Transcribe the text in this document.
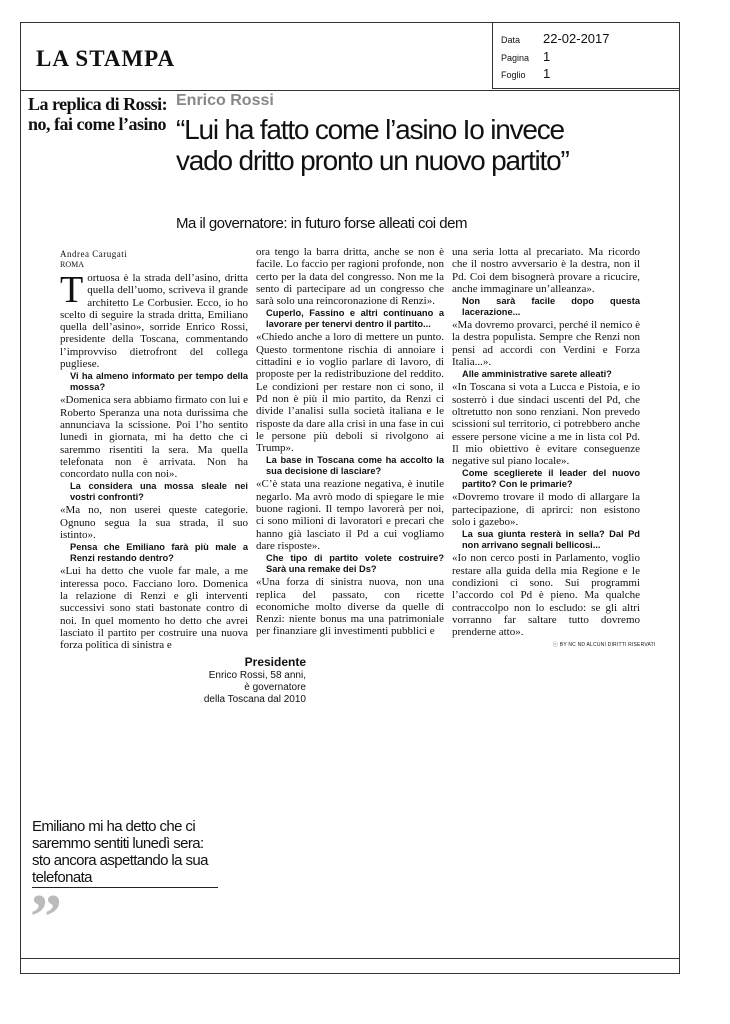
LA STAMPA
Data 22-02-2017
Pagina 1
Foglio 1
La replica di Rossi: no, fai come l’asino
Enrico Rossi
“Lui ha fatto come l’asino Io invece vado dritto pronto un nuovo partito”
Ma il governatore: in futuro forse alleati coi dem
Andrea Carugati
ROMA

Tortuosa è la strada dell’asino, dritta quella dell’uomo, scriveva il grande architetto Le Corbusier. Ecco, io ho scelto di seguire la strada dritta, Emiliano quella dell’asino», sorride Enrico Rossi, presidente della Toscana, commentando l’improvviso dietrofront del collega pugliese.

Vi ha almeno informato per tempo della mossa?

«Domenica sera abbiamo firmato con lui e Roberto Speranza una nota durissima che annunciava la scissione. Poi l’ho sentito lunedì in giornata, mi ha detto che ci saremmo risentiti la sera. Ma quella telefonata non è arrivata. Non ha concordato nulla con noi».

La considera una mossa sleale nei vostri confronti?

«Ma no, non userei queste categorie. Ognuno segua la sua strada, il suo istinto».

Pensa che Emiliano farà più male a Renzi restando dentro?

«Lui ha detto che vuole far male, a me interessa poco. Facciano loro. Domenica la relazione di Renzi e gli interventi successivi sono stati bastonate contro di noi. In quel momento ho detto che avrei lasciato il partito per costruire una nuova forza politica di sinistra e

ora tengo la barra dritta, anche se non è facile. Lo faccio per ragioni profonde, non certo per la data del congresso. Non me la sento di partecipare ad un congresso che sarà solo una reincoronazione di Renzi».

Cuperlo, Fassino e altri continuano a lavorare per tenervi dentro il partito...

«Chiedo anche a loro di mettere un punto. Questo tormentone rischia di annoiare i cittadini e io voglio parlare di lavoro, di proposte per la redistribuzione del reddito. Le condizioni per restare non ci sono, il Pd non è più il mio partito, da Renzi ci divide l’analisi sulla società italiana e le risposte da dare alla crisi in una fase in cui le persone più deboli si rivolgono ai Trump».

La base in Toscana come ha accolto la sua decisione di lasciare?

«C’è stata una reazione negativa, è inutile negarlo. Ma avrò modo di spiegare le mie buone ragioni. Il tempo lavorerà per noi, ci sono milioni di lavoratori e precari che hanno già lasciato il Pd a cui vogliamo dare risposte».

Che tipo di partito volete costruire? Sarà una remake dei Ds?

«Una forza di sinistra nuova, non una replica del passato, con ricette economiche molto diverse da quelle di Renzi: niente bonus ma una patrimoniale per finanziare gli investimenti pubblici e

una seria lotta al precariato. Ma ricordo che il nostro avversario è la destra, non il Pd. Coi dem bisognerà provare a ricucire, anche immaginare un’alleanza».

Non sarà facile dopo questa lacerazione...

«Ma dovremo provarci, perché il nemico è la destra populista. Sempre che Renzi non pensi ad accordi con Verdini e Forza Italia...».

Alle amministrative sarete alleati?

«In Toscana si vota a Lucca e Pistoia, e io sosterrò i due sindaci uscenti del Pd, che oltretutto non sono renziani. Non prevedo scissioni sul territorio, ci potrebbero anche essere persone vicine a me in lista col Pd. Il mio obiettivo è evitare conseguenze negative sul piano locale».

Come sceglierete il leader del nuovo partito? Con le primarie?

«Dovremo trovare il modo di allargare la partecipazione, di aprirci: non esistono solo i gazebo».

La sua giunta resterà in sella? Dal Pd non arrivano segnali bellicosi...

«Io non cerco posti in Parlamento, voglio restare alla guida della mia Regione e le condizioni ci sono. Sui programmi l’accordo col Pd è pieno. Ma qualche contraccolpo non lo escludo: se gli altri vorranno far saltare tutto dovremo prenderne atto».

ⓒ BY NC ND ALCUNI DIRITTI RISERVATI
Presidente
Enrico Rossi, 58 anni,
è governatore
della Toscana dal 2010
Emiliano mi ha detto che ci saremmo sentiti lunedì sera: sto ancora aspettando la sua telefonata
”
